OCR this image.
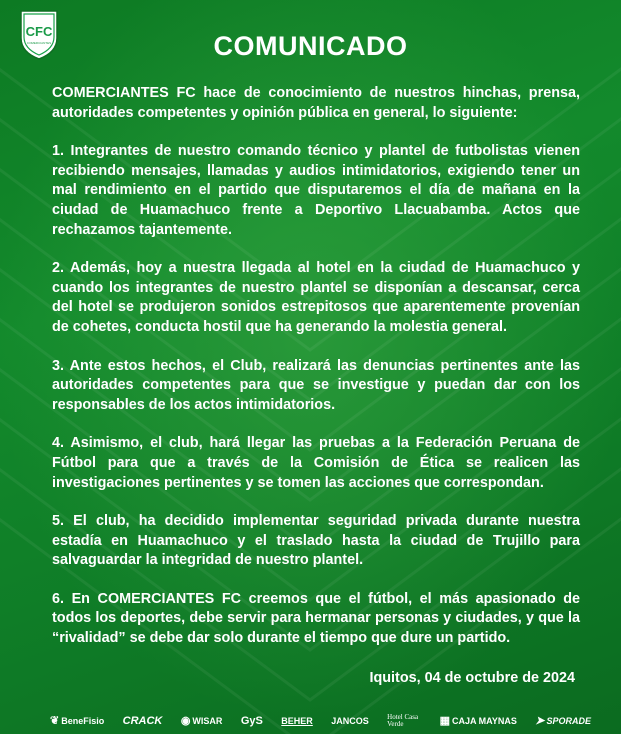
CFC
COMERCIANTES	COMUNICADO

COMERCIANTES FC hace de conocimiento de nuestros hinchas, prensa, autoridades competentes y opinión pública en general, lo siguiente:

1. Integrantes de nuestro comando técnico y plantel de futbolistas vienen recibiendo mensajes, llamadas y audios intimidatorios, exigiendo tener un mal rendimiento en el partido que disputaremos el día de mañana en la ciudad de Huamachuco frente a Deportivo Llacuabamba. Actos que rechazamos tajantemente.

2. Además, hoy a nuestra llegada al hotel en la ciudad de Huamachuco y cuando los integrantes de nuestro plantel se disponían a descansar, cerca del hotel se produjeron sonidos estrepitosos que aparentemente provenían de cohetes, conducta hostil que ha generando la molestia general.

3. Ante estos hechos, el Club, realizará las denuncias pertinentes ante las autoridades competentes para que se investigue y puedan dar con los responsables de los actos intimidatorios.

4. Asimismo, el club, hará llegar las pruebas a la Federación Peruana de Fútbol para que a través de la Comisión de Ética se realicen las investigaciones pertinentes y se tomen las acciones que correspondan.

5. El club, ha decidido implementar seguridad privada durante nuestra estadía en Huamachuco y el traslado hasta la ciudad de Trujillo para salvaguardar la integridad de nuestro plantel.

6. En COMERCIANTES FC creemos que el fútbol, el más apasionado de todos los deportes, debe servir para hermanar personas y ciudades, y que la “rivalidad” se debe dar solo durante el tiempo que dure un partido.

Iquitos, 04 de octubre de 2024
❦ BeneFisio CRACK ◉ WISAR GyS BEHER JANCOS	Hotel Casa Verde	▦ CAJA MAYNAS ➤ SPORADE
